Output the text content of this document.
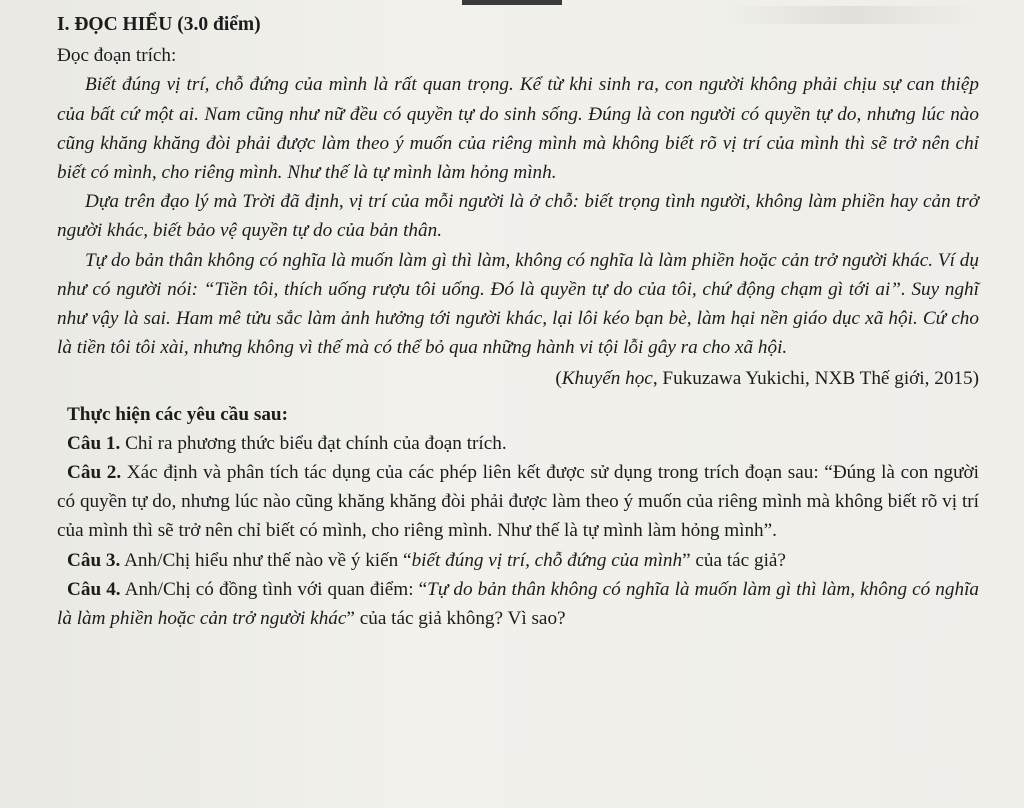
I. ĐỌC HIỂU (3.0 điểm)
Đọc đoạn trích:
Biết đúng vị trí, chỗ đứng của mình là rất quan trọng. Kể từ khi sinh ra, con người không phải chịu sự can thiệp của bất cứ một ai. Nam cũng như nữ đều có quyền tự do sinh sống. Đúng là con người có quyền tự do, nhưng lúc nào cũng khăng khăng đòi phải được làm theo ý muốn của riêng mình mà không biết rõ vị trí của mình thì sẽ trở nên chỉ biết có mình, cho riêng mình. Như thế là tự mình làm hỏng mình.
Dựa trên đạo lý mà Trời đã định, vị trí của mỗi người là ở chỗ: biết trọng tình người, không làm phiền hay cản trở người khác, biết bảo vệ quyền tự do của bản thân.
Tự do bản thân không có nghĩa là muốn làm gì thì làm, không có nghĩa là làm phiền hoặc cản trở người khác. Ví dụ như có người nói: “Tiền tôi, thích uống rượu tôi uống. Đó là quyền tự do của tôi, chứ động chạm gì tới ai”. Suy nghĩ như vậy là sai. Ham mê tửu sắc làm ảnh hưởng tới người khác, lại lôi kéo bạn bè, làm hại nền giáo dục xã hội. Cứ cho là tiền tôi tôi xài, nhưng không vì thế mà có thể bỏ qua những hành vi tội lỗi gây ra cho xã hội.
(Khuyến học, Fukuzawa Yukichi, NXB Thế giới, 2015)
Thực hiện các yêu cầu sau:
Câu 1. Chỉ ra phương thức biểu đạt chính của đoạn trích.
Câu 2. Xác định và phân tích tác dụng của các phép liên kết được sử dụng trong trích đoạn sau: “Đúng là con người có quyền tự do, nhưng lúc nào cũng khăng khăng đòi phải được làm theo ý muốn của riêng mình mà không biết rõ vị trí của mình thì sẽ trở nên chỉ biết có mình, cho riêng mình. Như thế là tự mình làm hỏng mình”.
Câu 3. Anh/Chị hiểu như thế nào về ý kiến “biết đúng vị trí, chỗ đứng của mình” của tác giả?
Câu 4. Anh/Chị có đồng tình với quan điểm: “Tự do bản thân không có nghĩa là muốn làm gì thì làm, không có nghĩa là làm phiền hoặc cản trở người khác” của tác giả không? Vì sao?
